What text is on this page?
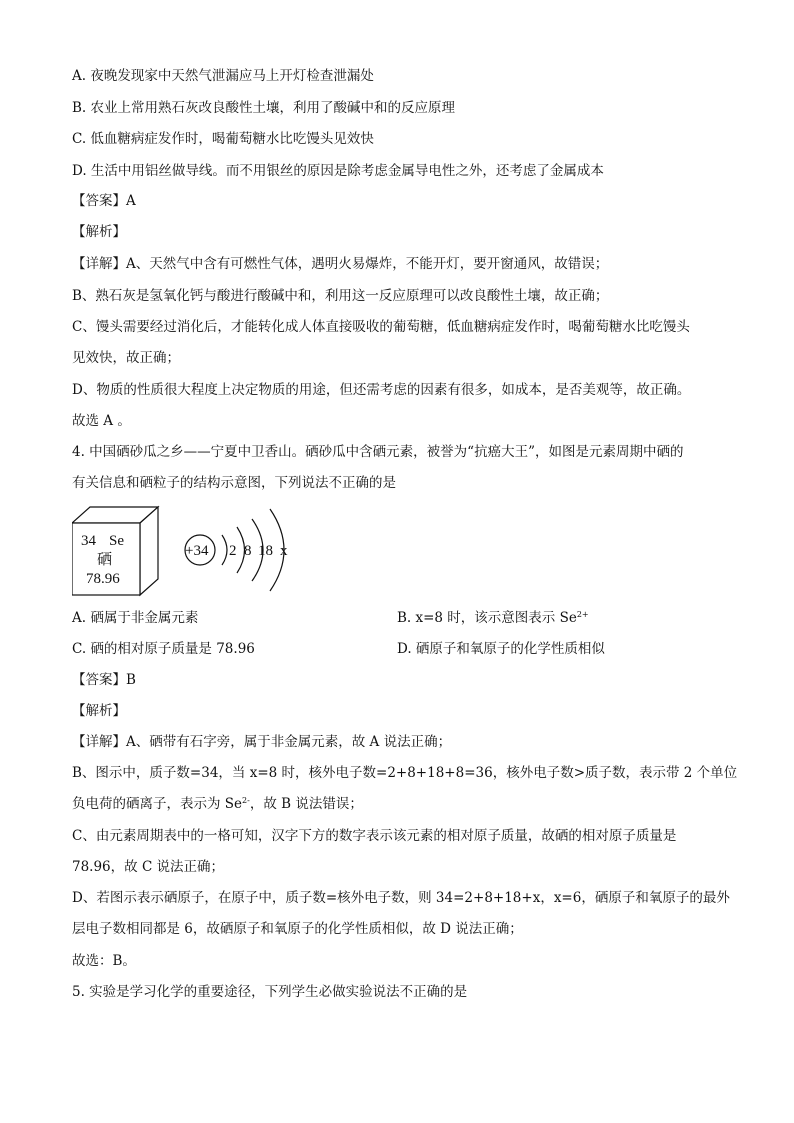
A. 夜晚发现家中天然气泄漏应马上开灯检查泄漏处
B. 农业上常用熟石灰改良酸性土壤，利用了酸碱中和的反应原理
C. 低血糖病症发作时，喝葡萄糖水比吃馒头见效快
D. 生活中用铝丝做导线。而不用银丝的原因是除考虑金属导电性之外，还考虑了金属成本
【答案】A
【解析】
【详解】A、天然气中含有可燃性气体，遇明火易爆炸，不能开灯，要开窗通风，故错误；
B、熟石灰是氢氧化钙与酸进行酸碱中和，利用这一反应原理可以改良酸性土壤，故正确；
C、馒头需要经过消化后，才能转化成人体直接吸收的葡萄糖，低血糖病症发作时，喝葡萄糖水比吃馒头
见效快，故正确；
D、物质的性质很大程度上决定物质的用途，但还需考虑的因素有很多，如成本，是否美观等，故正确。
故选 A 。
4. 中国硒砂瓜之乡——宁夏中卫香山。硒砂瓜中含硒元素，被誉为“抗癌大王”，如图是元素周期中硒的
有关信息和硒粒子的结构示意图，下列说法不正确的是
34 Se
硒
78.96
+34 2 8 18 x
A. 硒属于非金属元素	B. x=8 时，该示意图表示 $Se^{2+}$
C. 硒的相对原子质量是 78.96	D. 硒原子和氧原子的化学性质相似
【答案】B
【解析】
【详解】A、硒带有石字旁，属于非金属元素，故 A 说法正确；
B、图示中，质子数=34，当 x=8 时，核外电子数=2+8+18+8=36，核外电子数>质子数，表示带 2 个单位
负电荷的硒离子，表示为 $Se^{2-}$，故 B 说法错误；
C、由元素周期表中的一格可知，汉字下方的数字表示该元素的相对原子质量，故硒的相对原子质量是
78.96，故 C 说法正确；
D、若图示表示硒原子，在原子中，质子数=核外电子数，则 34=2+8+18+x，x=6，硒原子和氧原子的最外
层电子数相同都是 6，故硒原子和氧原子的化学性质相似，故 D 说法正确；
故选：B。
5. 实验是学习化学的重要途径，下列学生必做实验说法不正确的是
